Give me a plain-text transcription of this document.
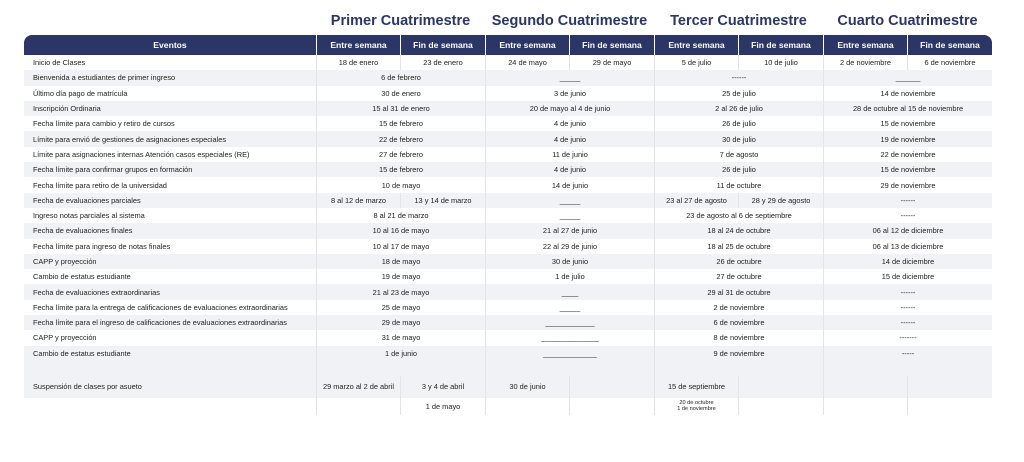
Primer Cuatrimestre	Segundo Cuatrimestre	Tercer Cuatrimestre	Cuarto Cuatrimestre
Eventos	Entre semana	Fin de semana	Entre semana	Fin de semana	Entre semana	Fin de semana	Entre semana	Fin de semana
Inicio de Clases	18 de enero	23 de enero	24 de mayo	29 de mayo	5 de julio	10 de julio	2 de noviembre	6 de noviembre
Bienvenida a estudiantes de primer ingreso	6 de febrero		_____		------		______	
Último día pago de matrícula	30 de enero		3 de junio		25 de julio		14 de noviembre	
Inscripción Ordinaria	15 al 31 de enero		20 de mayo al 4 de junio		2 al 26 de julio		28 de octubre al 15 de noviembre	
Fecha límite para cambio y retiro de cursos	15 de febrero		4 de junio		26 de julio		15 de noviembre	
Límite para envió de gestiones de asignaciones especiales	22 de febrero		4 de junio		30 de julio		19 de noviembre	
Límite para asignaciones internas Atención casos especiales (RE)	27 de febrero		11 de junio		7 de agosto		22 de noviembre	
Fecha límite para confirmar grupos en formación	15 de febrero		4 de junio		26 de julio		15 de noviembre	
Fecha límite para retiro de la universidad	10 de mayo		14 de junio		11 de octubre		29 de noviembre	
Fecha de evaluaciones parciales	8 al 12 de marzo	13 y 14 de marzo	_____		23 al 27 de agosto	28 y 29 de agosto	------	
Ingreso notas parciales al sistema	8 al 21 de marzo		_____		23 de agosto al 6 de septiembre		------	
Fecha de evaluaciones finales	10 al 16 de mayo		21 al 27 de junio		18 al 24 de octubre		06 al 12 de diciembre	
Fecha límite para ingreso de notas finales	10 al 17 de mayo		22 al 29 de junio		18 al 25 de octubre		06 al 13 de diciembre	
CAPP y proyección	18 de mayo		30 de junio		26 de octubre		14 de diciembre	
Cambio de estatus estudiante	19 de mayo		1 de julio		27 de octubre		15 de diciembre	
Fecha de evaluaciones extraordinarias	21 al 23 de mayo		____		29 al 31 de octubre		------	
Fecha límite para la entrega de calificaciones de evaluaciones extraordinarias	25 de mayo		_____		2 de noviembre		------	
Fecha límite para el ingreso de calificaciones de evaluaciones extraordinarias	29 de mayo		____________		6 de noviembre		------	
CAPP y proyección	31 de mayo		______________		8 de noviembre		-------	
Cambio de estatus estudiante	1 de junio		_____________		9 de noviembre		-----	

Suspensión de clases por asueto	29 marzo al 2 de abril	3 y 4 de abril	30 de junio		15 de septiembre			
		1 de mayo			20 de octubre
1 de noviembre			
